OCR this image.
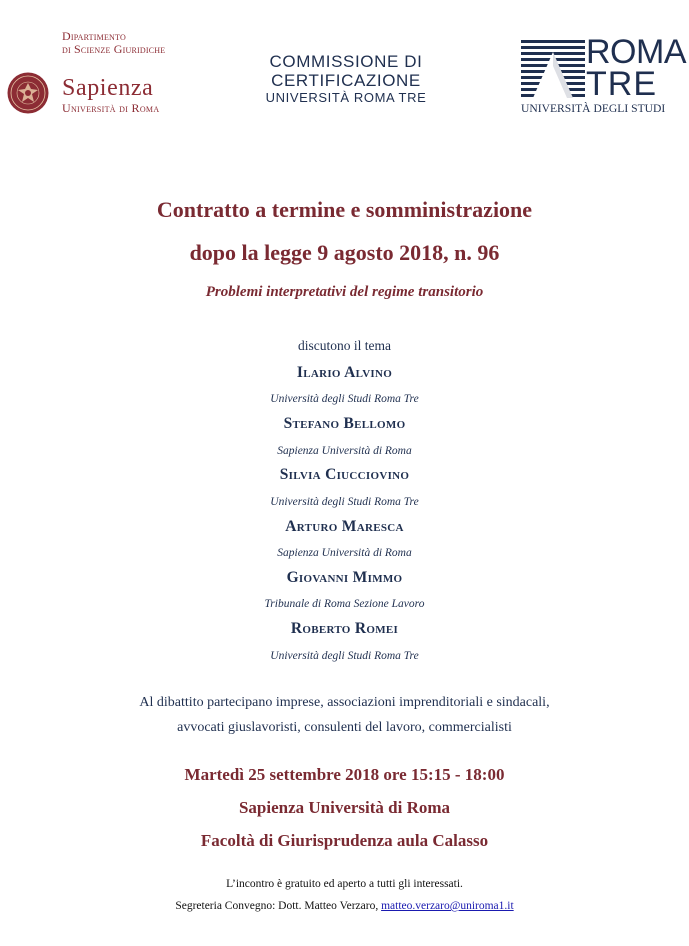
Dipartimento
di Scienze Giuridiche
Sapienza
Università di Roma
COMMISSIONE DI
CERTIFICAZIONE
UNIVERSITÀ ROMA TRE
ROMA
TRE
UNIVERSITÀ DEGLI STUDI
Contratto a termine e somministrazione
dopo la legge 9 agosto 2018, n. 96
Problemi interpretativi del regime transitorio
discutono il tema
Ilario Alvino
Università degli Studi Roma Tre
Stefano Bellomo
Sapienza Università di Roma
Silvia Ciucciovino
Università degli Studi Roma Tre
Arturo Maresca
Sapienza Università di Roma
Giovanni Mimmo
Tribunale di Roma Sezione Lavoro
Roberto Romei
Università degli Studi Roma Tre
Al dibattito partecipano imprese, associazioni imprenditoriali e sindacali,
avvocati giuslavoristi, consulenti del lavoro, commercialisti
Martedì 25 settembre 2018 ore 15:15 - 18:00
Sapienza Università di Roma
Facoltà di Giurisprudenza aula Calasso
L’incontro è gratuito ed aperto a tutti gli interessati.
Segreteria Convegno: Dott. Matteo Verzaro, matteo.verzaro@uniroma1.it
